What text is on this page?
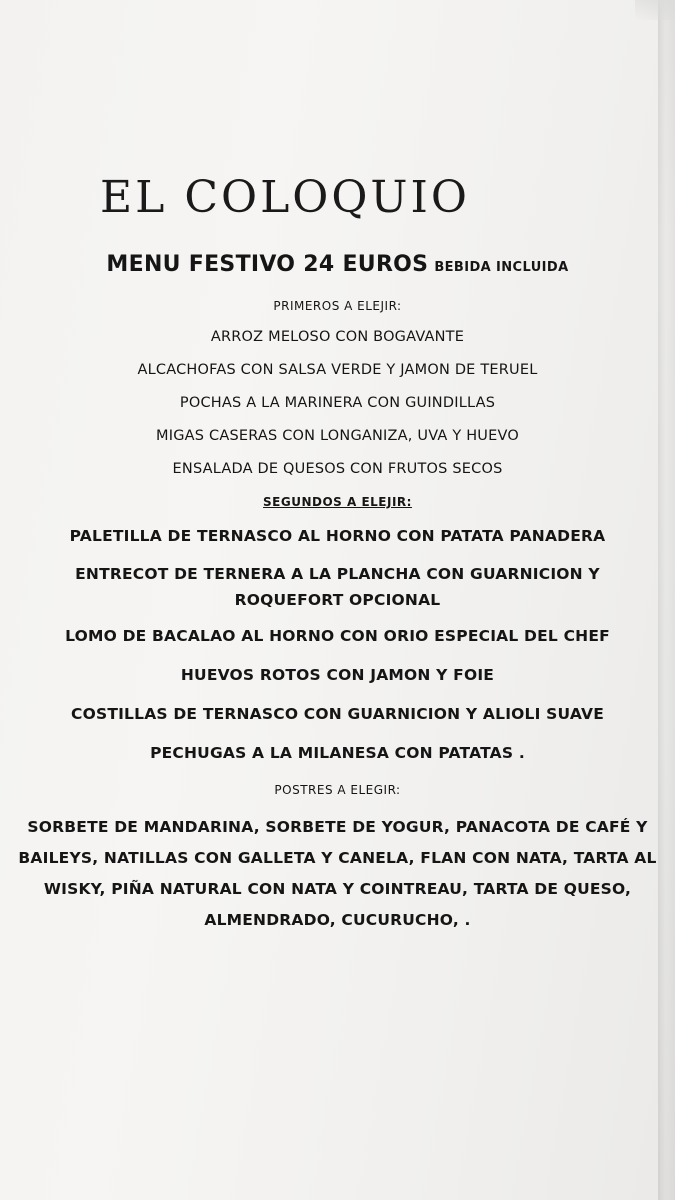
EL COLOQUIO
MENU FESTIVO 24 EUROS BEBIDA INCLUIDA
PRIMEROS A ELEJIR:
ARROZ MELOSO CON BOGAVANTE
ALCACHOFAS CON SALSA VERDE Y JAMON DE TERUEL
POCHAS A LA MARINERA CON GUINDILLAS
MIGAS CASERAS CON LONGANIZA, UVA Y HUEVO
ENSALADA DE QUESOS CON FRUTOS SECOS
SEGUNDOS A ELEJIR:
PALETILLA DE TERNASCO AL HORNO CON PATATA PANADERA
ENTRECOT DE TERNERA A LA PLANCHA CON GUARNICION Y
ROQUEFORT OPCIONAL
LOMO DE BACALAO AL HORNO CON ORIO ESPECIAL DEL CHEF
HUEVOS ROTOS CON JAMON Y FOIE
COSTILLAS DE TERNASCO CON GUARNICION Y ALIOLI SUAVE
PECHUGAS A LA MILANESA CON PATATAS .
POSTRES A ELEGIR:
SORBETE DE MANDARINA, SORBETE DE YOGUR, PANACOTA DE CAFÉ Y
BAILEYS, NATILLAS CON GALLETA Y CANELA, FLAN CON NATA, TARTA AL
WISKY, PIÑA NATURAL CON NATA Y COINTREAU, TARTA DE QUESO,
ALMENDRADO, CUCURUCHO, .
